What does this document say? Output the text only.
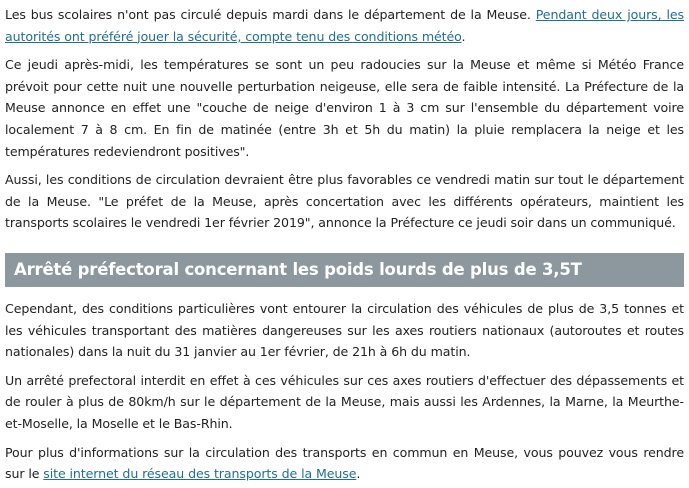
Les bus scolaires n'ont pas circulé depuis mardi dans le département de la Meuse. Pendant deux jours, les autorités ont préféré jouer la sécurité, compte tenu des conditions météo.

Ce jeudi après-midi, les températures se sont un peu radoucies sur la Meuse et même si Météo France prévoit pour cette nuit une nouvelle perturbation neigeuse, elle sera de faible intensité. La Préfecture de la Meuse annonce en effet une "couche de neige d'environ 1 à 3 cm sur l'ensemble du département voire localement 7 à 8 cm. En fin de matinée (entre 3h et 5h du matin) la pluie remplacera la neige et les températures redeviendront positives".

Aussi, les conditions de circulation devraient être plus favorables ce vendredi matin sur tout le département de la Meuse. "Le préfet de la Meuse, après concertation avec les différents opérateurs, maintient les transports scolaires le vendredi 1er février 2019", annonce la Préfecture ce jeudi soir dans un communiqué.

Arrêté préfectoral concernant les poids lourds de plus de 3,5T

Cependant, des conditions particulières vont entourer la circulation des véhicules de plus de 3,5 tonnes et les véhicules transportant des matières dangereuses sur les axes routiers nationaux (autoroutes et routes nationales) dans la nuit du 31 janvier au 1er février, de 21h à 6h du matin.

Un arrêté prefectoral interdit en effet à ces véhicules sur ces axes routiers d'effectuer des dépassements et de rouler à plus de 80km/h sur le département de la Meuse, mais aussi les Ardennes, la Marne, la Meurthe-et-Moselle, la Moselle et le Bas-Rhin.

Pour plus d'informations sur la circulation des transports en commun en Meuse, vous pouvez vous rendre sur le site internet du réseau des transports de la Meuse.
